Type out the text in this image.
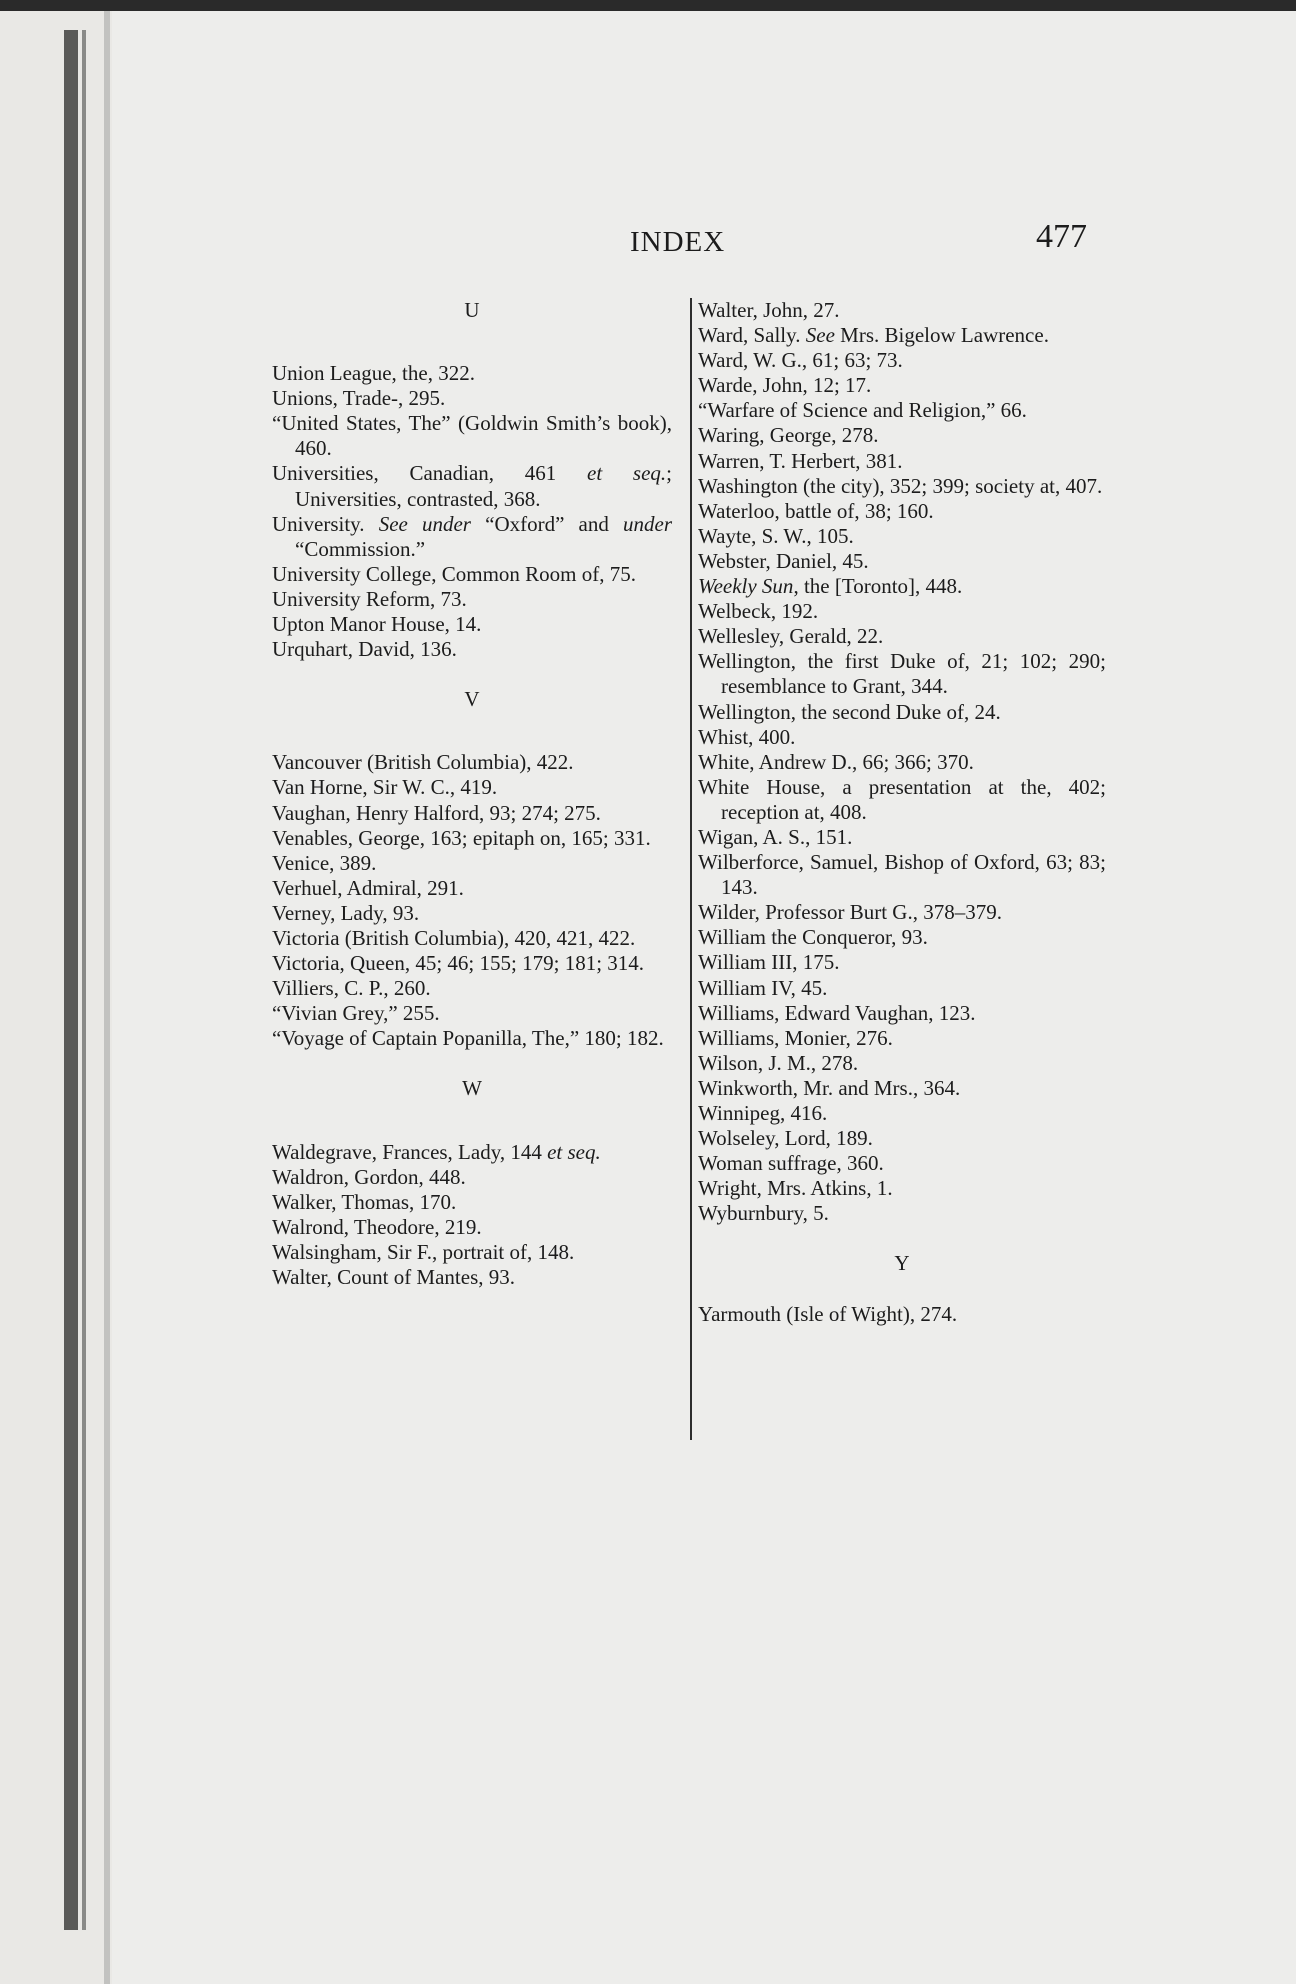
INDEX	477
U
Union League, the, 322.
Unions, Trade-, 295.
“United States, The” (Goldwin Smith’s book), 460.
Universities, Canadian, 461 et seq.; Universities, contrasted, 368.
University. See under “Oxford” and under “Commission.”
University College, Common Room of, 75.
University Reform, 73.
Upton Manor House, 14.
Urquhart, David, 136.
V
Vancouver (British Columbia), 422.
Van Horne, Sir W. C., 419.
Vaughan, Henry Halford, 93; 274; 275.
Venables, George, 163; epitaph on, 165; 331.
Venice, 389.
Verhuel, Admiral, 291.
Verney, Lady, 93.
Victoria (British Columbia), 420, 421, 422.
Victoria, Queen, 45; 46; 155; 179; 181; 314.
Villiers, C. P., 260.
“Vivian Grey,” 255.
“Voyage of Captain Popanilla, The,” 180; 182.
W
Waldegrave, Frances, Lady, 144 et seq.
Waldron, Gordon, 448.
Walker, Thomas, 170.
Walrond, Theodore, 219.
Walsingham, Sir F., portrait of, 148.
Walter, Count of Mantes, 93.
Walter, John, 27.
Ward, Sally. See Mrs. Bigelow Lawrence.
Ward, W. G., 61; 63; 73.
Warde, John, 12; 17.
“Warfare of Science and Religion,” 66.
Waring, George, 278.
Warren, T. Herbert, 381.
Washington (the city), 352; 399; society at, 407.
Waterloo, battle of, 38; 160.
Wayte, S. W., 105.
Webster, Daniel, 45.
Weekly Sun, the [Toronto], 448.
Welbeck, 192.
Wellesley, Gerald, 22.
Wellington, the first Duke of, 21; 102; 290; resemblance to Grant, 344.
Wellington, the second Duke of, 24.
Whist, 400.
White, Andrew D., 66; 366; 370.
White House, a presentation at the, 402; reception at, 408.
Wigan, A. S., 151.
Wilberforce, Samuel, Bishop of Oxford, 63; 83; 143.
Wilder, Professor Burt G., 378–379.
William the Conqueror, 93.
William III, 175.
William IV, 45.
Williams, Edward Vaughan, 123.
Williams, Monier, 276.
Wilson, J. M., 278.
Winkworth, Mr. and Mrs., 364.
Winnipeg, 416.
Wolseley, Lord, 189.
Woman suffrage, 360.
Wright, Mrs. Atkins, 1.
Wyburnbury, 5.
Y
Yarmouth (Isle of Wight), 274.
